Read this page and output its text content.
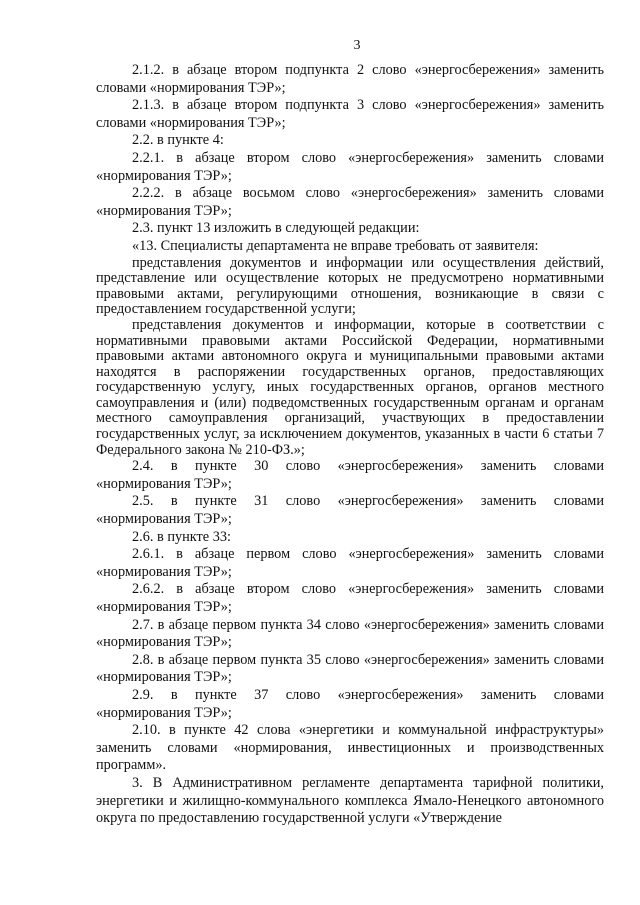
3

2.1.2. в абзаце втором подпункта 2 слово «энергосбережения» заменить словами «нормирования ТЭР»;

2.1.3. в абзаце втором подпункта 3 слово «энергосбережения» заменить словами «нормирования ТЭР»;

2.2. в пункте 4:

2.2.1. в абзаце втором слово «энергосбережения» заменить словами «нормирования ТЭР»;

2.2.2. в абзаце восьмом слово «энергосбережения» заменить словами «нормирования ТЭР»;

2.3. пункт 13 изложить в следующей редакции:

«13. Специалисты департамента не вправе требовать от заявителя:

представления документов и информации или осуществления действий, представление или осуществление которых не предусмотрено нормативными правовыми актами, регулирующими отношения, возникающие в связи с предоставлением государственной услуги;

представления документов и информации, которые в соответствии с нормативными правовыми актами Российской Федерации, нормативными правовыми актами автономного округа и муниципальными правовыми актами находятся в распоряжении государственных органов, предоставляющих государственную услугу, иных государственных органов, органов местного самоуправления и (или) подведомственных государственным органам и органам местного самоуправления организаций, участвующих в предоставлении государственных услуг, за исключением документов, указанных в части 6 статьи 7 Федерального закона № 210-ФЗ.»;

2.4. в пункте 30 слово «энергосбережения» заменить словами «нормирования ТЭР»;

2.5. в пункте 31 слово «энергосбережения» заменить словами «нормирования ТЭР»;

2.6. в пункте 33:

2.6.1. в абзаце первом слово «энергосбережения» заменить словами «нормирования ТЭР»;

2.6.2. в абзаце втором слово «энергосбережения» заменить словами «нормирования ТЭР»;

2.7. в абзаце первом пункта 34 слово «энергосбережения» заменить словами «нормирования ТЭР»;

2.8. в абзаце первом пункта 35 слово «энергосбережения» заменить словами «нормирования ТЭР»;

2.9. в пункте 37 слово «энергосбережения» заменить словами «нормирования ТЭР»;

2.10. в пункте 42 слова «энергетики и коммунальной инфраструктуры» заменить словами «нормирования, инвестиционных и производственных программ».

3. В Административном регламенте департамента тарифной политики, энергетики и жилищно-коммунального комплекса Ямало-Ненецкого автономного округа по предоставлению государственной услуги «Утверждение
